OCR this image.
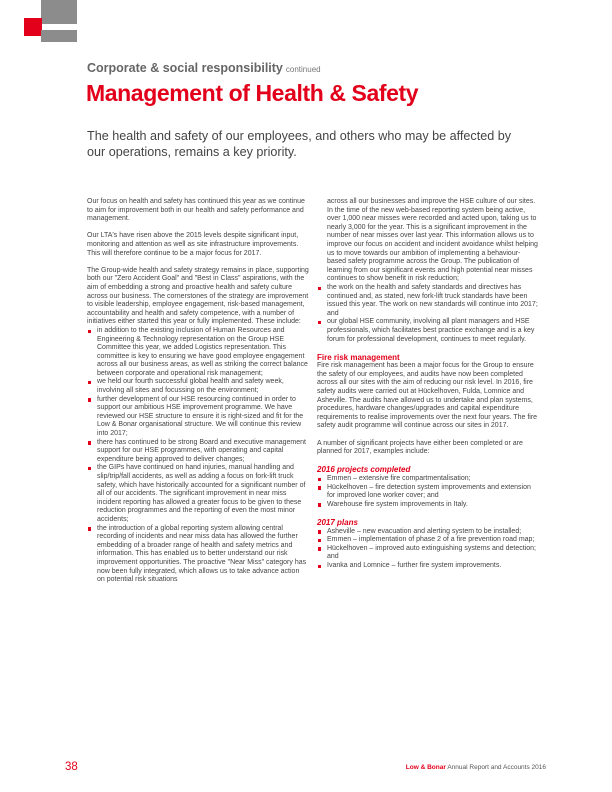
Corporate & social responsibility continued
Management of Health & Safety

The health and safety of our employees, and others who may be affected by our operations, remains a key priority.

Our focus on health and safety has continued this year as we continue to aim for improvement both in our health and safety performance and management.

Our LTA's have risen above the 2015 levels despite significant input, monitoring and attention as well as site infrastructure improvements. This will therefore continue to be a major focus for 2017.

The Group-wide health and safety strategy remains in place, supporting both our "Zero Accident Goal" and "Best in Class" aspirations, with the aim of embedding a strong and proactive health and safety culture across our business. The cornerstones of the strategy are improvement to visible leadership, employee engagement, risk-based management, accountability and health and safety competence, with a number of initiatives either started this year or fully implemented. These include:

in addition to the existing inclusion of Human Resources and Engineering & Technology representation on the Group HSE Committee this year, we added Logistics representation. This committee is key to ensuring we have good employee engagement across all our business areas, as well as striking the correct balance between corporate and operational risk management;
we held our fourth successful global health and safety week, involving all sites and focussing on the environment;
further development of our HSE resourcing continued in order to support our ambitious HSE improvement programme. We have reviewed our HSE structure to ensure it is right-sized and fit for the Low & Bonar organisational structure. We will continue this review into 2017;
there has continued to be strong Board and executive management support for our HSE programmes, with operating and capital expenditure being approved to deliver changes;
the GIPs have continued on hand injuries, manual handling and slip/trip/fall accidents, as well as adding a focus on fork-lift truck safety, which have historically accounted for a significant number of all of our accidents. The significant improvement in near miss incident reporting has allowed a greater focus to be given to these reduction programmes and the reporting of even the most minor accidents;
the introduction of a global reporting system allowing central recording of incidents and near miss data has allowed the further embedding of a broader range of health and safety metrics and information. This has enabled us to better understand our risk improvement opportunities. The proactive "Near Miss" category has now been fully integrated, which allows us to take advance action on potential risk situations

across all our businesses and improve the HSE culture of our sites. In the time of the new web-based reporting system being active, over 1,000 near misses were recorded and acted upon, taking us to nearly 3,000 for the year. This is a significant improvement in the number of near misses over last year. This information allows us to improve our focus on accident and incident avoidance whilst helping us to move towards our ambition of implementing a behaviour-based safety programme across the Group. The publication of learning from our significant events and high potential near misses continues to show benefit in risk reduction;

the work on the health and safety standards and directives has continued and, as stated, new fork-lift truck standards have been issued this year. The work on new standards will continue into 2017; and
our global HSE community, involving all plant managers and HSE professionals, which facilitates best practice exchange and is a key forum for professional development, continues to meet regularly.
Fire risk management

Fire risk management has been a major focus for the Group to ensure the safety of our employees, and audits have now been completed across all our sites with the aim of reducing our risk level. In 2016, fire safety audits were carried out at Hückelhoven, Fulda, Lomnice and Asheville. The audits have allowed us to undertake and plan systems, procedures, hardware changes/upgrades and capital expenditure requirements to realise improvements over the next four years. The fire safety audit programme will continue across our sites in 2017.

A number of significant projects have either been completed or are planned for 2017, examples include:

2016 projects completed
Emmen – extensive fire compartmentalisation;
Hückelhoven – fire detection system improvements and extension for improved lone worker cover; and
Warehouse fire system improvements in Italy.
2017 plans
Asheville – new evacuation and alerting system to be installed;
Emmen – implementation of phase 2 of a fire prevention road map;
Hückelhoven – improved auto extinguishing systems and detection; and
Ivanka and Lomnice – further fire system improvements.
38	Low & Bonar Annual Report and Accounts 2016
